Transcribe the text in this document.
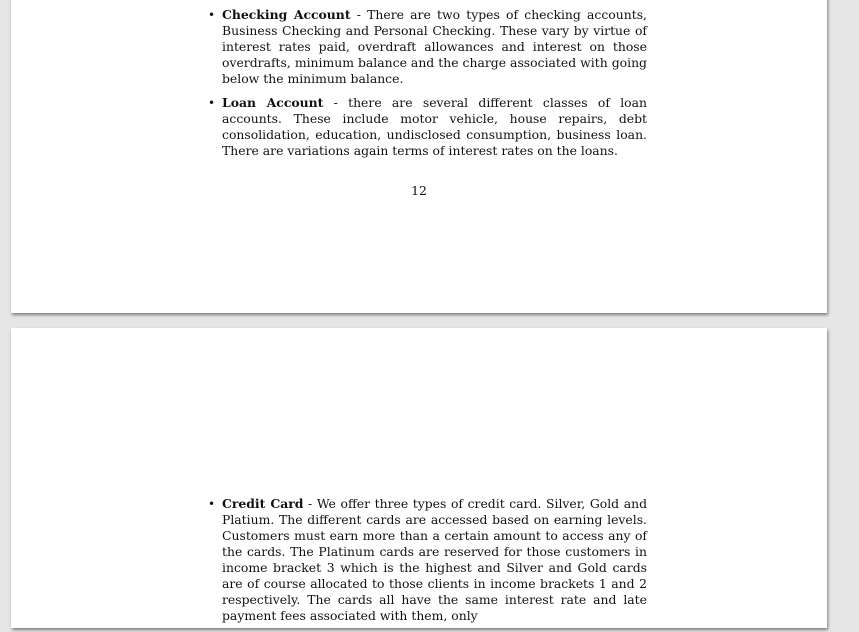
• Checking Account - There are two types of checking accounts, Business Checking and Personal Checking. These vary by virtue of interest rates paid, overdraft allowances and interest on those overdrafts, minimum balance and the charge associated with going below the minimum balance.
• Loan Account - there are several different classes of loan accounts. These include motor vehicle, house repairs, debt consolidation, education, undisclosed consumption, business loan. There are variations again terms of interest rates on the loans.
12
• Credit Card - We offer three types of credit card. Silver, Gold and Platium. The different cards are accessed based on earning levels. Customers must earn more than a certain amount to access any of the cards. The Platinum cards are reserved for those customers in income bracket 3 which is the highest and Silver and Gold cards are of course allocated to those clients in income brackets 1 and 2 respectively. The cards all have the same interest rate and late payment fees associated with them, only
